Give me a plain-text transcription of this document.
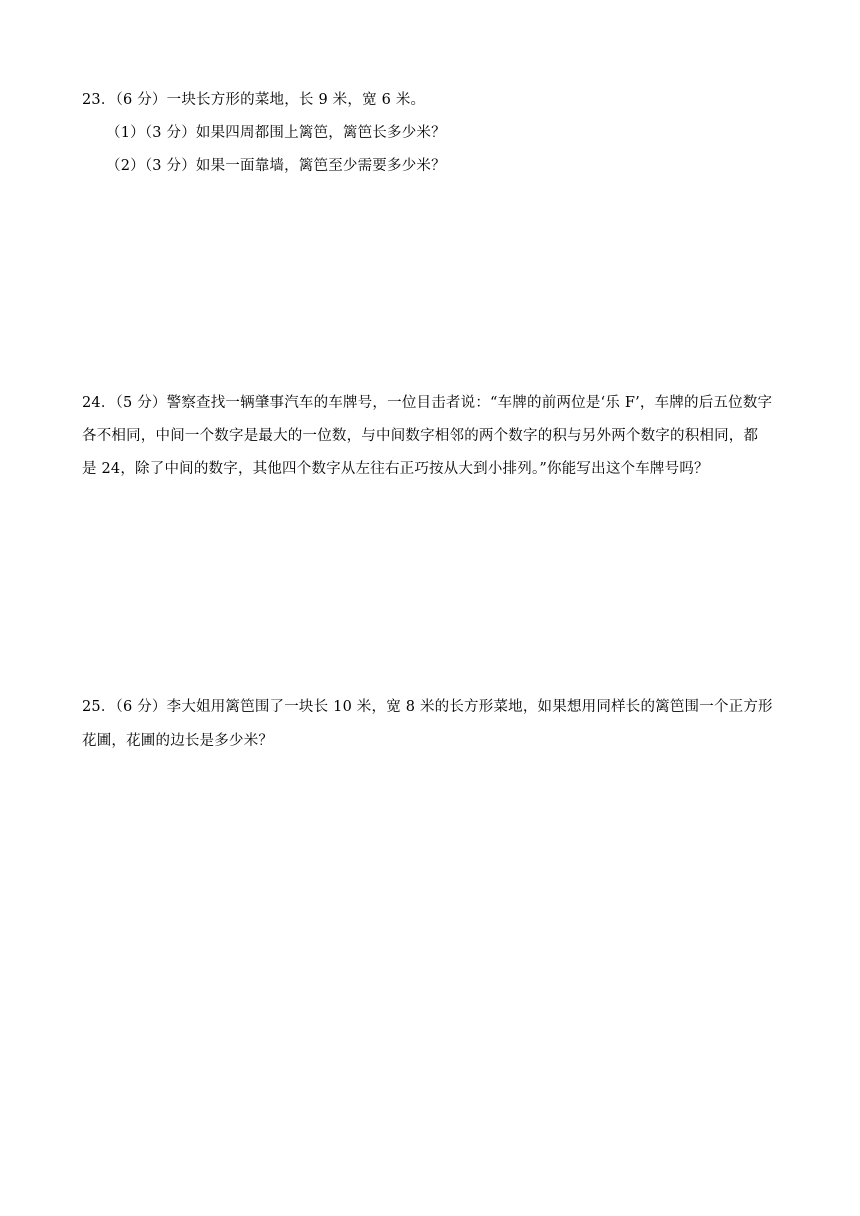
23．（6 分）一块长方形的菜地，长 9 米，宽 6 米。
（1）（3 分）如果四周都围上篱笆，篱笆长多少米？
（2）（3 分）如果一面靠墙，篱笆至少需要多少米？
24．（5 分）警察查找一辆肇事汽车的车牌号，一位目击者说：“车牌的前两位是‘乐 F’，车牌的后五位数字
各不相同，中间一个数字是最大的一位数，与中间数字相邻的两个数字的积与另外两个数字的积相同，都
是 24，除了中间的数字，其他四个数字从左往右正巧按从大到小排列。”你能写出这个车牌号吗？
25．（6 分）李大姐用篱笆围了一块长 10 米，宽 8 米的长方形菜地，如果想用同样长的篱笆围一个正方形
花圃，花圃的边长是多少米？
